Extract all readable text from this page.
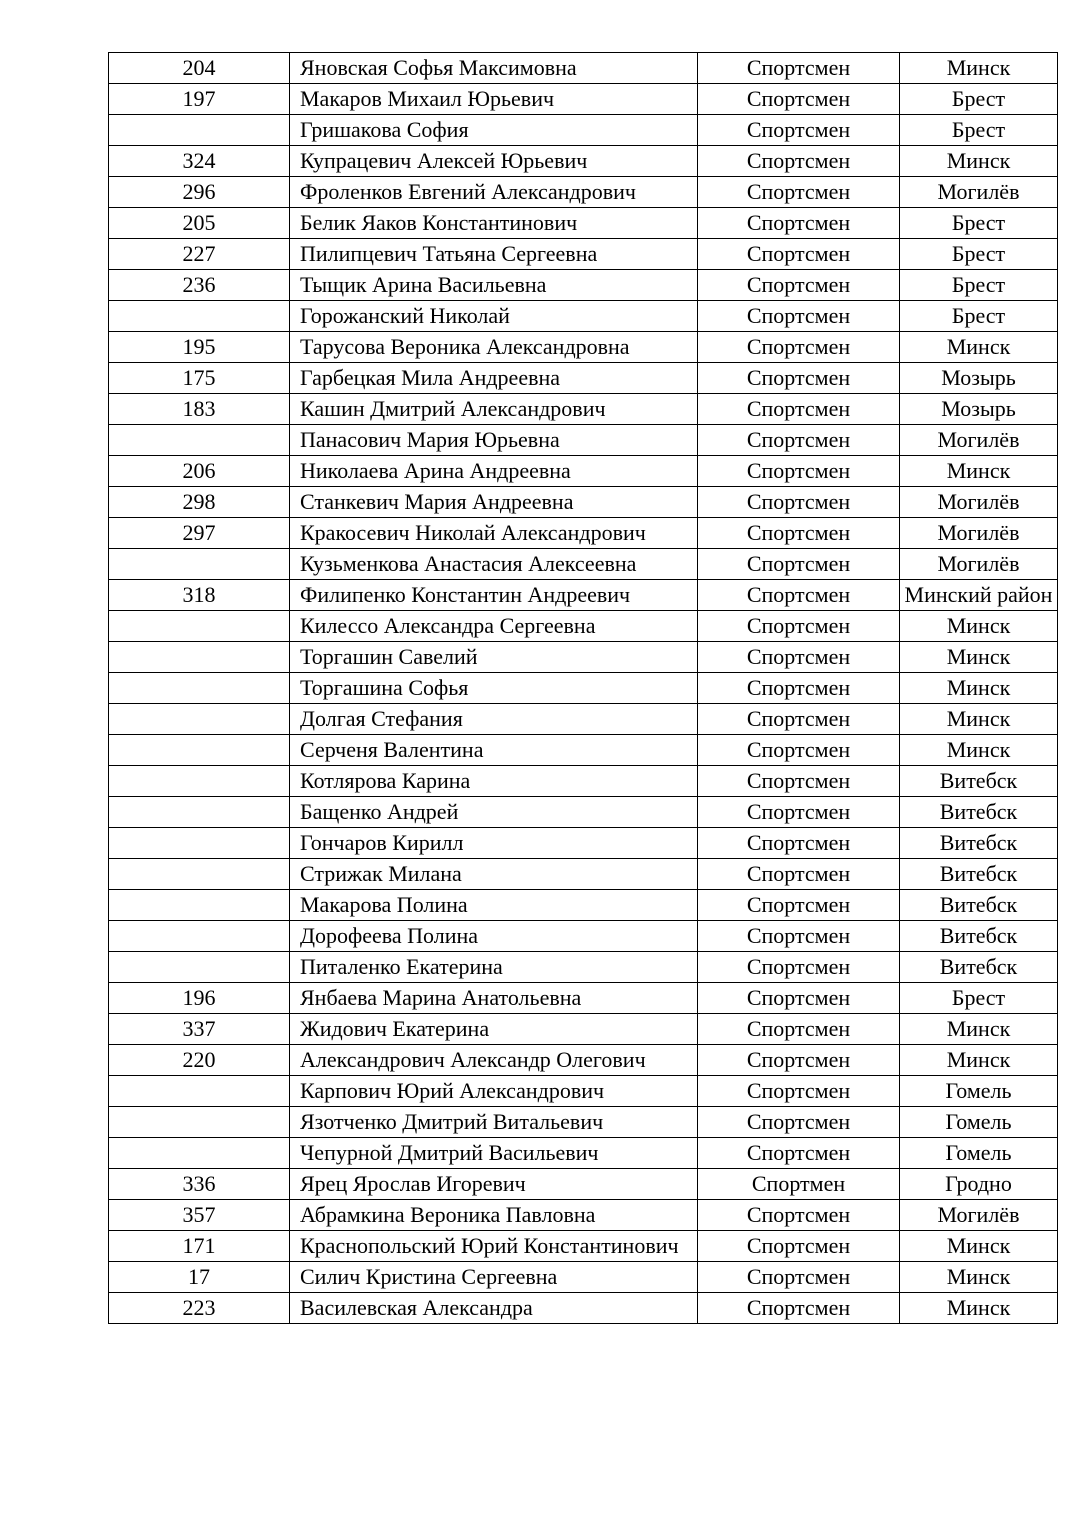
204	Яновская Софья Максимовна	Спортсмен	Минск
197	Макаров Михаил Юрьевич	Спортсмен	Брест
	Гришакова София	Спортсмен	Брест
324	Купрацевич Алексей Юрьевич	Спортсмен	Минск
296	Фроленков Евгений Александрович	Спортсмен	Могилёв
205	Белик Яаков Константинович	Спортсмен	Брест
227	Пилипцевич Татьяна Сергеевна	Спортсмен	Брест
236	Тыщик Арина Васильевна	Спортсмен	Брест
	Горожанский Николай	Спортсмен	Брест
195	Тарусова Вероника Александровна	Спортсмен	Минск
175	Гарбецкая Мила Андреевна	Спортсмен	Мозырь
183	Кашин Дмитрий Александрович	Спортсмен	Мозырь
	Панасович Мария Юрьевна	Спортсмен	Могилёв
206	Николаева Арина Андреевна	Спортсмен	Минск
298	Станкевич Мария Андреевна	Спортсмен	Могилёв
297	Кракосевич Николай Александрович	Спортсмен	Могилёв
	Кузьменкова Анастасия Алексеевна	Спортсмен	Могилёв
318	Филипенко Константин Андреевич	Спортсмен	Минский район
	Килессо Александра Сергеевна	Спортсмен	Минск
	Торгашин Савелий	Спортсмен	Минск
	Торгашина Софья	Спортсмен	Минск
	Долгая Стефания	Спортсмен	Минск
	Серченя Валентина	Спортсмен	Минск
	Котлярова Карина	Спортсмен	Витебск
	Бащенко Андрей	Спортсмен	Витебск
	Гончаров Кирилл	Спортсмен	Витебск
	Стрижак Милана	Спортсмен	Витебск
	Макарова Полина	Спортсмен	Витебск
	Дорофеева Полина	Спортсмен	Витебск
	Питаленко Екатерина	Спортсмен	Витебск
196	Янбаева Марина Анатольевна	Спортсмен	Брест
337	Жидович Екатерина	Спортсмен	Минск
220	Александрович Александр Олегович	Спортсмен	Минск
	Карпович Юрий Александрович	Спортсмен	Гомель
	Язотченко Дмитрий Витальевич	Спортсмен	Гомель
	Чепурной Дмитрий Васильевич	Спортсмен	Гомель
336	Ярец Ярослав Игоревич	Спортмен	Гродно
357	Абрамкина Вероника Павловна	Спортсмен	Могилёв
171	Краснопольский Юрий Константинович	Спортсмен	Минск
17	Силич Кристина Сергеевна	Спортсмен	Минск
223	Василевская Александра	Спортсмен	Минск
